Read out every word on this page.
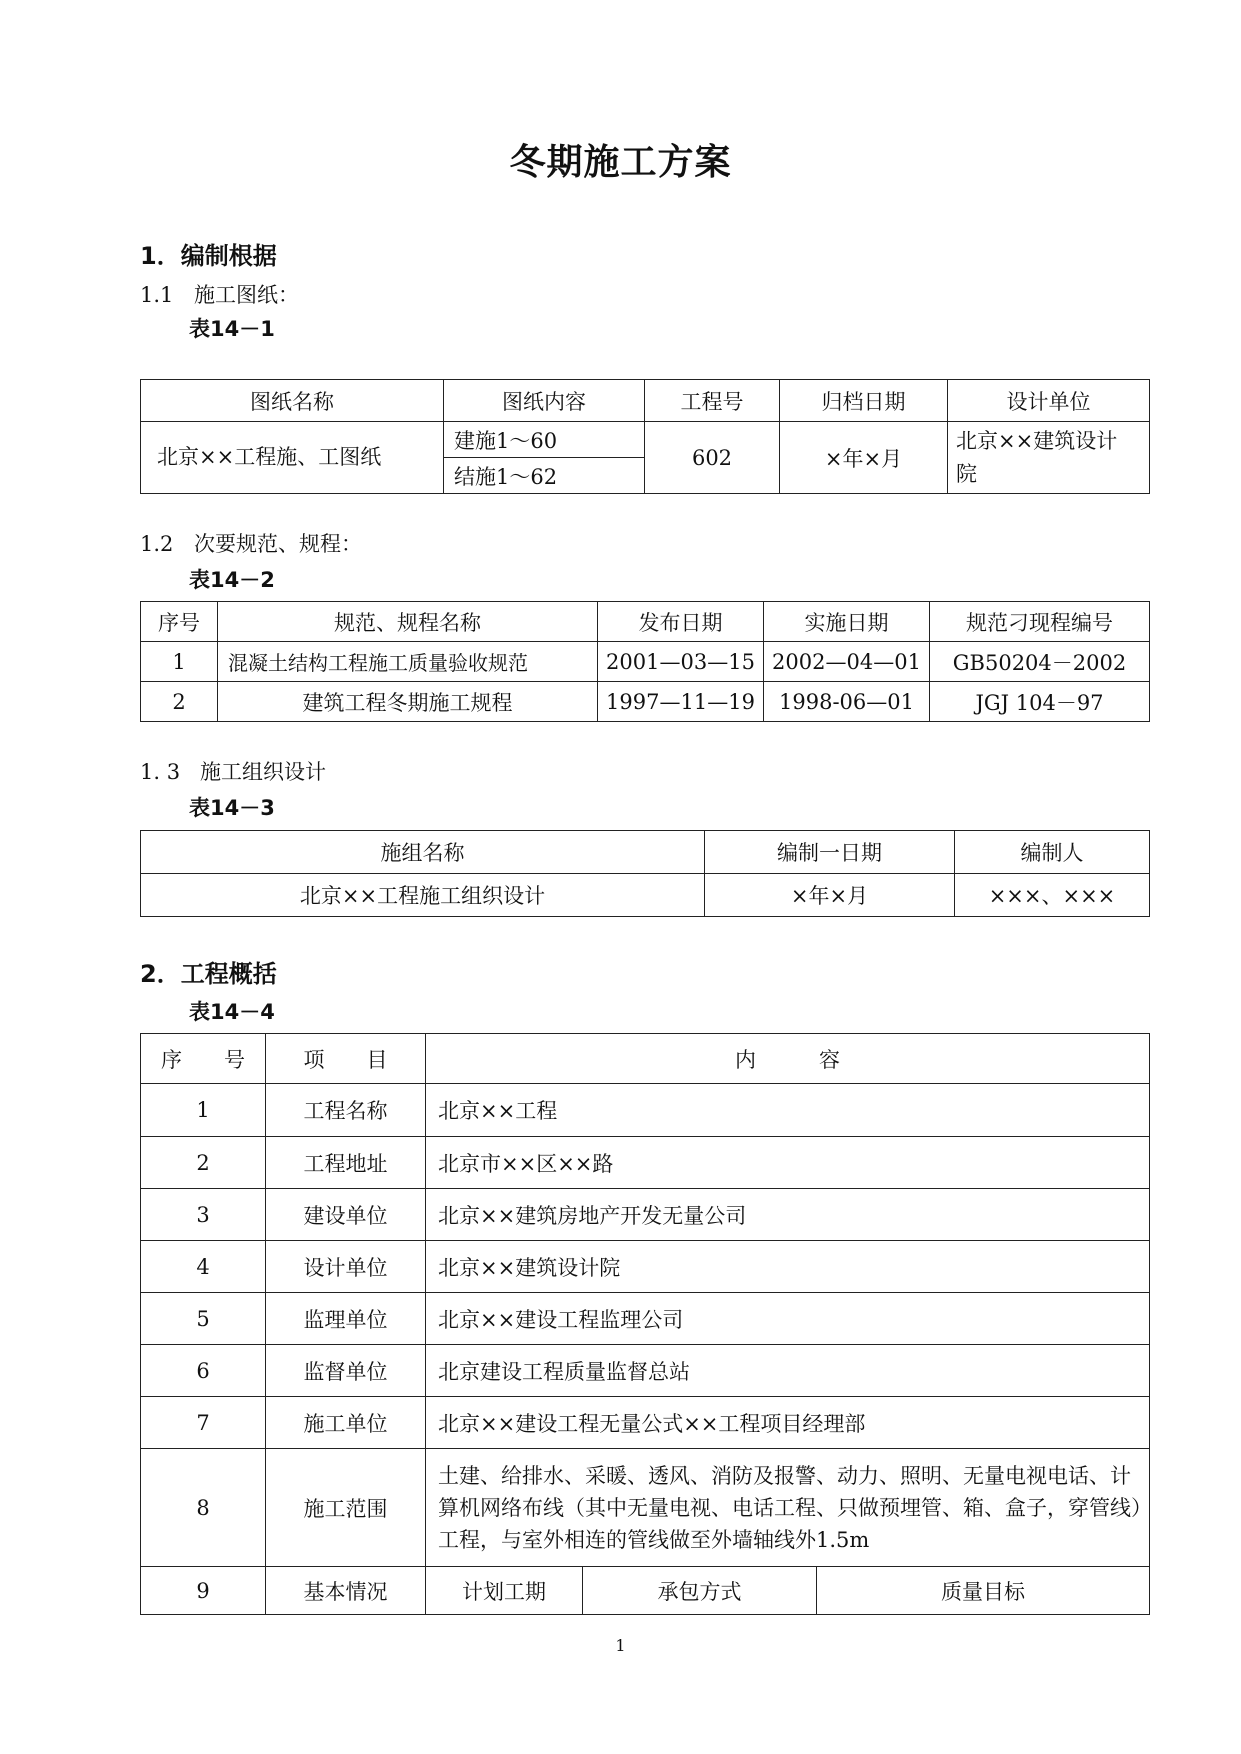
冬期施工方案
1．编制根据
1.1 施工图纸：
表14－1
图纸名称	图纸内容	工程号	归档日期	设计单位
北京××工程施、工图纸	建施1～60	602	×年×月	北京××建筑设计院
	结施1～62			
1.2 次要规范、规程：
表14－2
序号	规范、规程名称	发布日期	实施日期	规范刁现程编号
1	混凝土结构工程施工质量验收规范	2001—03—15	2002—04—01	GB50204－2002
2	建筑工程冬期施工规程	1997—11—19	1998-06—01	JGJ 104－97
1. 3 施工组织设计
表14－3
施组名称	编制一日期	编制人
北京××工程施工组织设计	×年×月	×××、×××
2．工程概括
表14－4
序　　号	项　　目	内　　　容		
1	工程名称	北京××工程		
2	工程地址	北京市××区××路		
3	建设单位	北京××建筑房地产开发无量公司		
4	设计单位	北京××建筑设计院		
5	监理单位	北京××建设工程监理公司		
6	监督单位	北京建设工程质量监督总站		
7	施工单位	北京××建设工程无量公式××工程项目经理部		
8	施工范围	土建、给排水、采暖、透风、消防及报警、动力、照明、无量电视电话、计算机网络布线（其中无量电视、电话工程、只做预埋管、箱、盒子，穿管线）工程，与室外相连的管线做至外墙轴线外1.5m		
9	基本情况	计划工期	承包方式	质量目标
1
